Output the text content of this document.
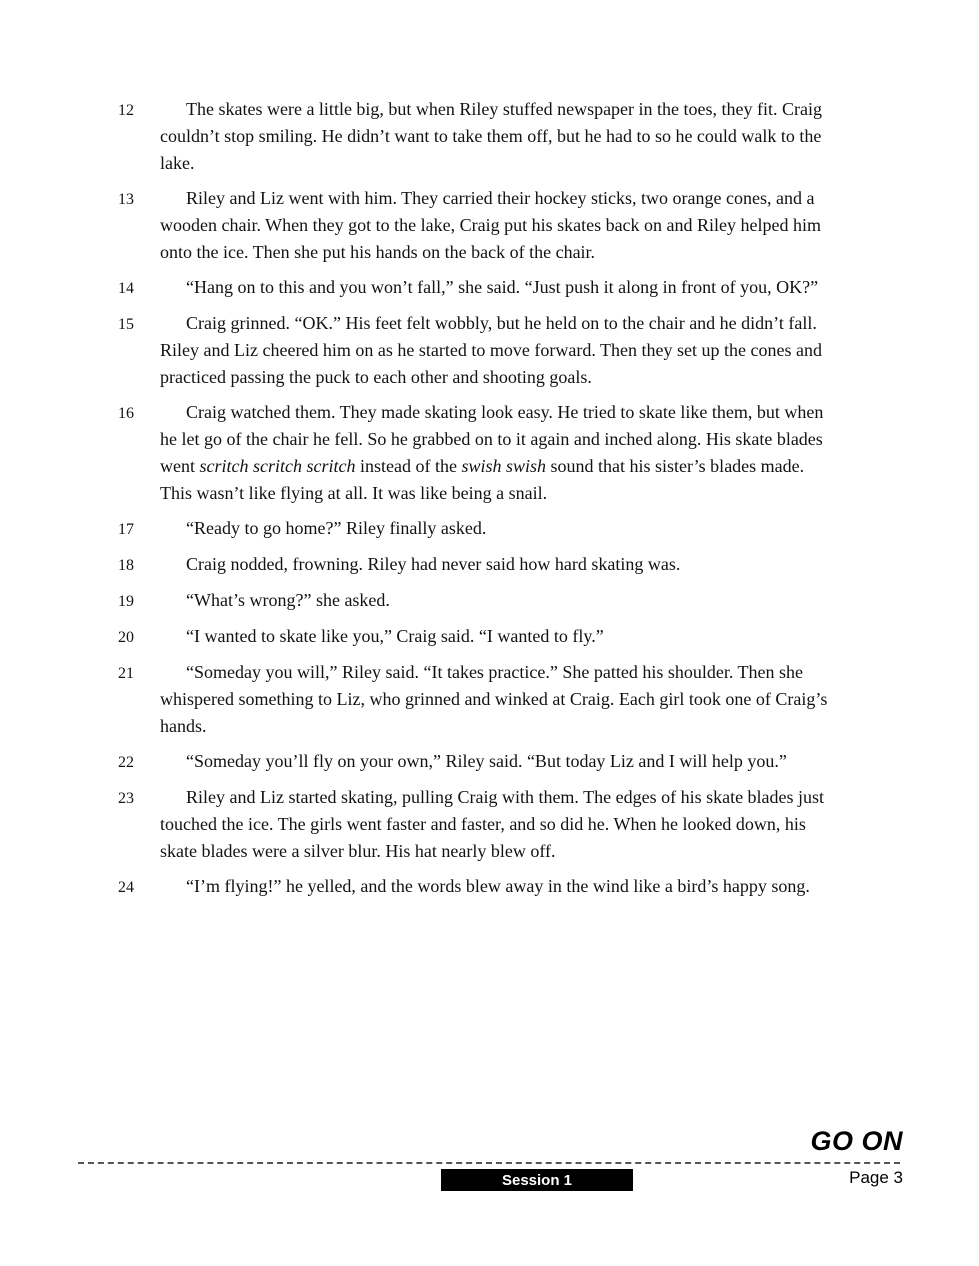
12	The skates were a little big, but when Riley stuffed newspaper in the toes, they fit. Craig couldn’t stop smiling. He didn’t want to take them off, but he had to so he could walk to the lake.

13	Riley and Liz went with him. They carried their hockey sticks, two orange cones, and a wooden chair. When they got to the lake, Craig put his skates back on and Riley helped him onto the ice. Then she put his hands on the back of the chair.

14	“Hang on to this and you won’t fall,” she said. “Just push it along in front of you, OK?”

15	Craig grinned. “OK.” His feet felt wobbly, but he held on to the chair and he didn’t fall. Riley and Liz cheered him on as he started to move forward. Then they set up the cones and practiced passing the puck to each other and shooting goals.

16	Craig watched them. They made skating look easy. He tried to skate like them, but when he let go of the chair he fell. So he grabbed on to it again and inched along. His skate blades went scritch scritch scritch instead of the swish swish sound that his sister’s blades made. This wasn’t like flying at all. It was like being a snail.

17	“Ready to go home?” Riley finally asked.

18	Craig nodded, frowning. Riley had never said how hard skating was.

19	“What’s wrong?” she asked.

20	“I wanted to skate like you,” Craig said. “I wanted to fly.”

21	“Someday you will,” Riley said. “It takes practice.” She patted his shoulder. Then she whispered something to Liz, who grinned and winked at Craig. Each girl took one of Craig’s hands.

22	“Someday you’ll fly on your own,” Riley said. “But today Liz and I will help you.”

23	Riley and Liz started skating, pulling Craig with them. The edges of his skate blades just touched the ice. The girls went faster and faster, and so did he. When he looked down, his skate blades were a silver blur. His hat nearly blew off.

24	“I’m flying!” he yelled, and the words blew away in the wind like a bird’s happy song.

GO ON
Session 1	Page 3
